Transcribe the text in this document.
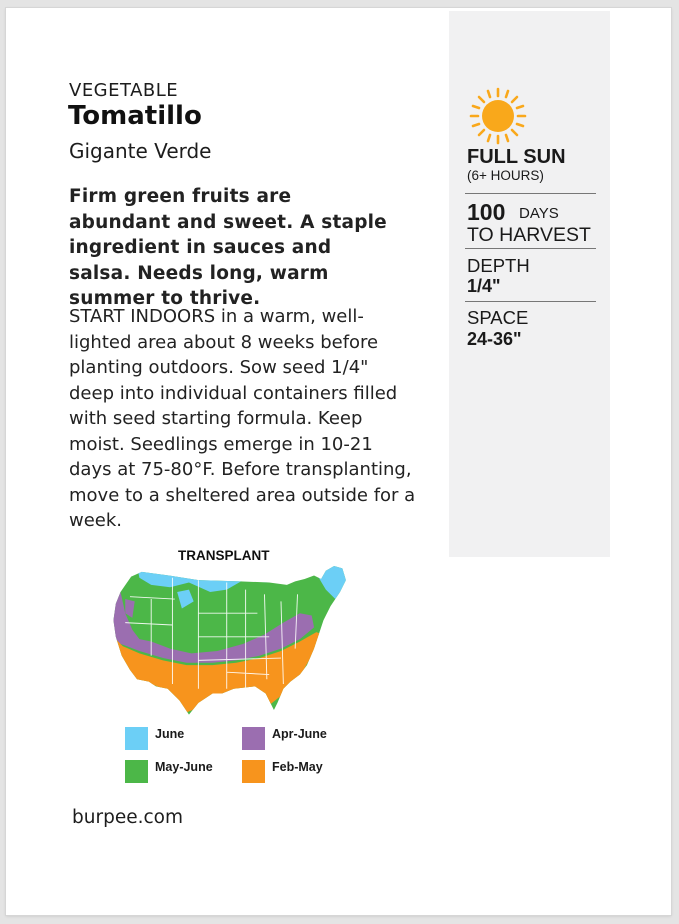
VEGETABLE
Tomatillo
Gigante Verde

Firm green fruits are abundant and sweet. A staple ingredient in sauces and salsa. Needs long, warm summer to thrive.

START INDOORS in a warm, well-lighted area about 8 weeks before planting outdoors. Sow seed 1/4" deep into individual containers filled with seed starting formula. Keep moist. Seedlings emerge in 10-21 days at 75-80°F. Before transplanting, move to a sheltered area outside for a week.

FULL SUN
(6+ HOURS)
100 DAYS
TO HARVEST
DEPTH
1/4"
SPACE
24-36"
TRANSPLANT
June	Apr-June
May-June	Feb-May
burpee.com
